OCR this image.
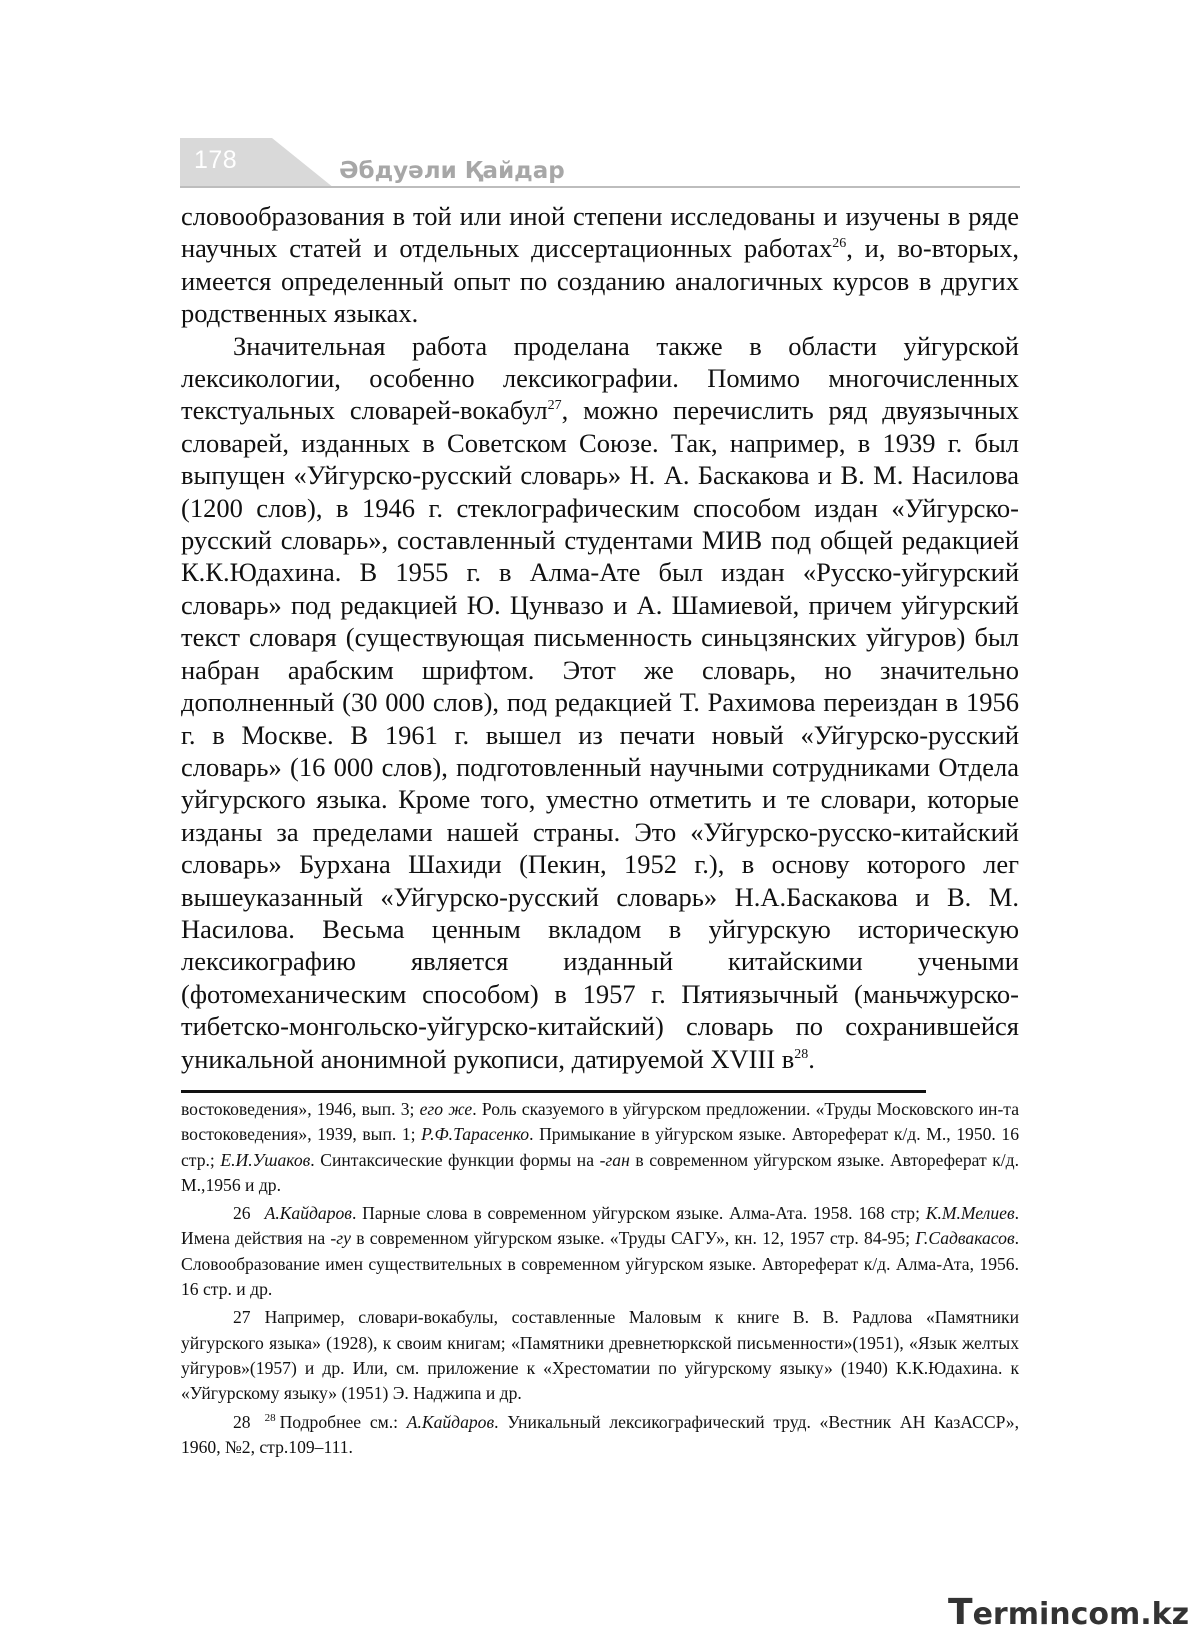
178	Әбдуәли Қайдар

словообразования в той или иной степени исследованы и изучены в ряде научных статей и отдельных диссертационных работах$^{26}$, и, во-вторых, имеется определенный опыт по созданию аналогичных курсов в других родственных языках.

Значительная работа проделана также в области уйгурской лексикологии, особенно лексикографии. Помимо многочисленных текстуальных словарей-вокабул$^{27}$, можно перечислить ряд двуязычных словарей, изданных в Советском Союзе. Так, например, в 1939 г. был выпущен «Уйгурско-русский словарь» Н. А. Баскакова и В. М. Насилова (1200 слов), в 1946 г. стеклографическим способом издан «Уйгурско-русский словарь», составленный студентами МИВ под общей редакцией К.К.Юдахина. В 1955 г. в Алма-Ате был издан «Русско-уйгурский словарь» под редакцией Ю. Цунвазо и А. Шамиевой, причем уйгурский текст словаря (существующая письменность синьцзянских уйгуров) был набран арабским шрифтом. Этот же словарь, но значительно дополненный (30 000 слов), под редакцией Т. Рахимова переиздан в 1956 г. в Москве. В 1961 г. вышел из печати новый «Уйгурско-русский словарь» (16 000 слов), подготовленный научными сотрудниками Отдела уйгурского языка. Кроме того, уместно отметить и те словари, которые изданы за пределами нашей страны. Это «Уйгурско-русско-китайский словарь» Бурхана Шахиди (Пекин, 1952 г.), в основу которого лег вышеуказанный «Уйгурско-русский словарь» Н.А.Баскакова и В. М. Насилова. Весьма ценным вкладом в уйгурскую историческую лексикографию является изданный китайскими учеными (фотомеханическим способом) в 1957 г. Пятиязычный (маньчжурско-тибетско-монгольско-уйгурско-китайский) словарь по сохранившейся уникальной анонимной рукописи, датируемой XVIII $в^{28}$.

востоковедения», 1946, вып. 3; его же. Роль сказуемого в уйгурском предложении. «Труды Московского ин-та востоковедения», 1939, вып. 1; Р.Ф.Тарасенко. Примыкание в уйгурском языке. Автореферат к/д. М., 1950. 16 стр.; Е.И.Ушаков. Синтаксические функции формы на -ган в современном уйгурском языке. Автореферат к/д. М.,1956 и др.

26 А.Кайдаров. Парные слова в современном уйгурском языке. Алма-Ата. 1958. 168 стр; К.М.Мелиев. Имена действия на -гу в современном уйгурском языке. «Труды САГУ», кн. 12, 1957 стр. 84-95; Г.Садвакасов. Словообразование имен существительных в современном уйгурском языке. Автореферат к/д. Алма-Ата, 1956. 16 стр. и др.

27 Например, словари-вокабулы, составленные Маловым к книге В. В. Радлова «Памятники уйгурского языка» (1928), к своим книгам; «Памятники древнетюркской письменности»(1951), «Язык желтых уйгуров»(1957) и др. Или, см. приложение к «Хрестоматии по уйгурскому языку» (1940) К.К.Юдахина. к «Уйгурскому языку» (1951) Э. Наджипа и др.

28 $^{28}$ Подробнее см.: А.Кайдаров. Уникальный лексикографический труд. «Вестник АН КазАССР», 1960, №2, стр.109–111.

Termincom.kz
